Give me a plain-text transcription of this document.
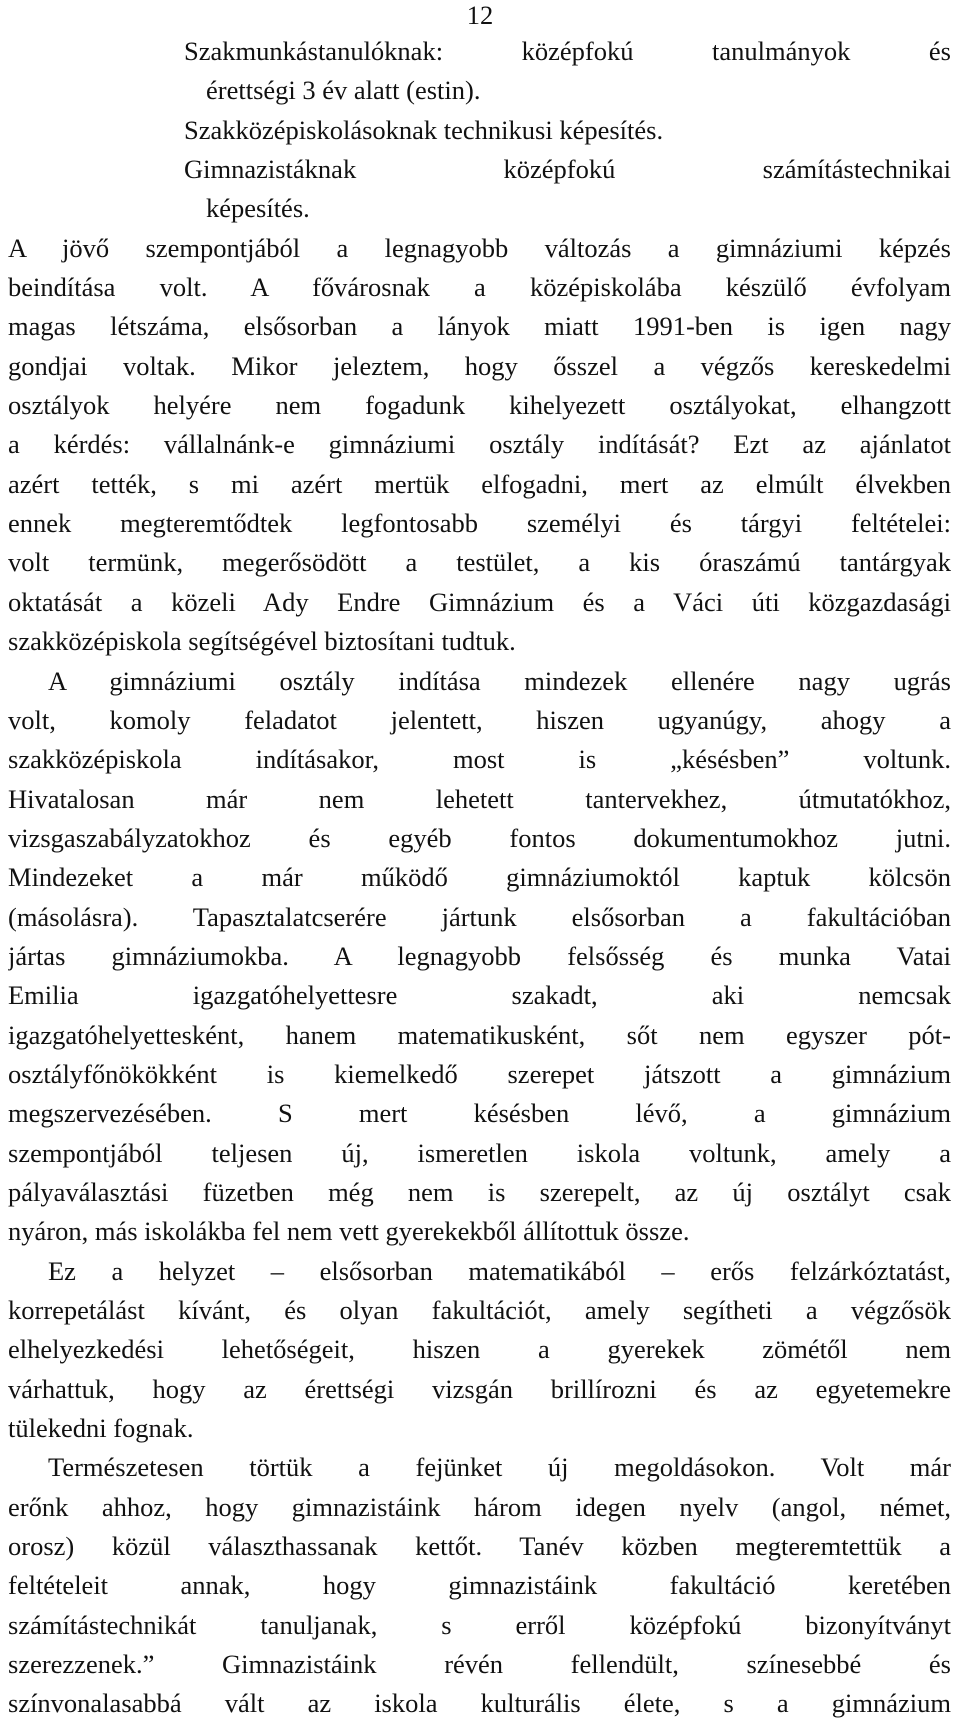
12

Szakmunkástanulóknak: középfokú tanulmányok és
érettségi 3 év alatt (estin).
Szakközépiskolásoknak technikusi képesítés.
Gimnazistáknak középfokú számítástechnikai
képesítés.
A jövő szempontjából a legnagyobb változás a gimnáziumi képzés
beindítása volt. A fővárosnak a középiskolába készülő évfolyam
magas létszáma, elsősorban a lányok miatt 1991-ben is igen nagy
gondjai voltak. Mikor jeleztem, hogy ősszel a végzős kereskedelmi
osztályok helyére nem fogadunk kihelyezett osztályokat, elhangzott
a kérdés: vállalnánk-e gimnáziumi osztály indítását? Ezt az ajánlatot
azért tették, s mi azért mertük elfogadni, mert az elmúlt élvekben
ennek megteremtődtek legfontosabb személyi és tárgyi feltételei:
volt termünk, megerősödött a testület, a kis óraszámú tantárgyak
oktatását a közeli Ady Endre Gimnázium és a Váci úti közgazdasági
szakközépiskola segítségével biztosítani tudtuk.
A gimnáziumi osztály indítása mindezek ellenére nagy ugrás
volt, komoly feladatot jelentett, hiszen ugyanúgy, ahogy a
szakközépiskola indításakor, most is „késésben” voltunk.
Hivatalosan már nem lehetett tantervekhez, útmutatókhoz,
vizsgaszabályzatokhoz és egyéb fontos dokumentumokhoz jutni.
Mindezeket a már működő gimnáziumoktól kaptuk kölcsön
(másolásra). Tapasztalatcserére jártunk elsősorban a fakultációban
jártas gimnáziumokba. A legnagyobb felsősség és munka Vatai
Emilia igazgatóhelyettesre szakadt, aki nemcsak
igazgatóhelyettesként, hanem matematikusként, sőt nem egyszer pót-
osztályfőnökökként is kiemelkedő szerepet játszott a gimnázium
megszervezésében. S mert késésben lévő, a gimnázium
szempontjából teljesen új, ismeretlen iskola voltunk, amely a
pályaválasztási füzetben még nem is szerepelt, az új osztályt csak
nyáron, más iskolákba fel nem vett gyerekekből állítottuk össze.
Ez a helyzet – elsősorban matematikából – erős felzárkóztatást,
korrepetálást kívánt, és olyan fakultációt, amely segítheti a végzősök
elhelyezkedési lehetőségeit, hiszen a gyerekek zömétől nem
várhattuk, hogy az érettségi vizsgán brillírozni és az egyetemekre
tülekedni fognak.
Természetesen törtük a fejünket új megoldásokon. Volt már
erőnk ahhoz, hogy gimnazistáink három idegen nyelv (angol, német,
orosz) közül választhassanak kettőt. Tanév közben megteremtettük a
feltételeit annak, hogy gimnazistáink fakultáció keretében
számítástechnikát tanuljanak, s erről középfokú bizonyítványt
szerezzenek.” Gimnazistáink révén fellendült, színesebbé és
színvonalasabbá vált az iskola kulturális élete, s a gimnázium
